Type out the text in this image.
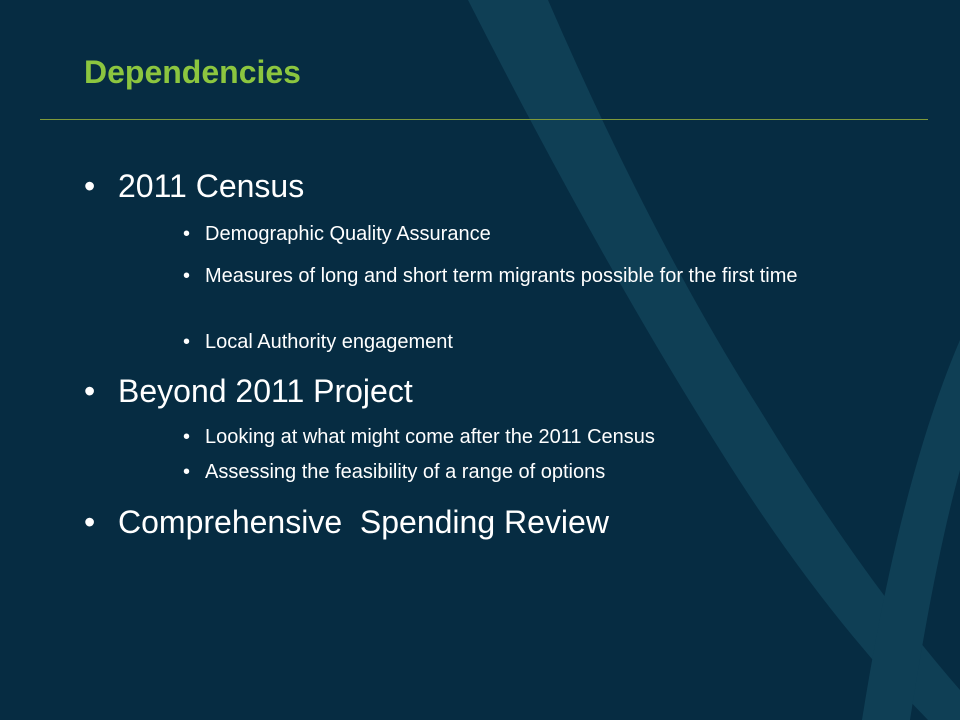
Dependencies
• 2011 Census
• Demographic Quality Assurance
• Measures of long and short term migrants possible for the first time
• Local Authority engagement
• Beyond 2011 Project
• Looking at what might come after the 2011 Census
• Assessing the feasibility of a range of options
• Comprehensive  Spending Review
